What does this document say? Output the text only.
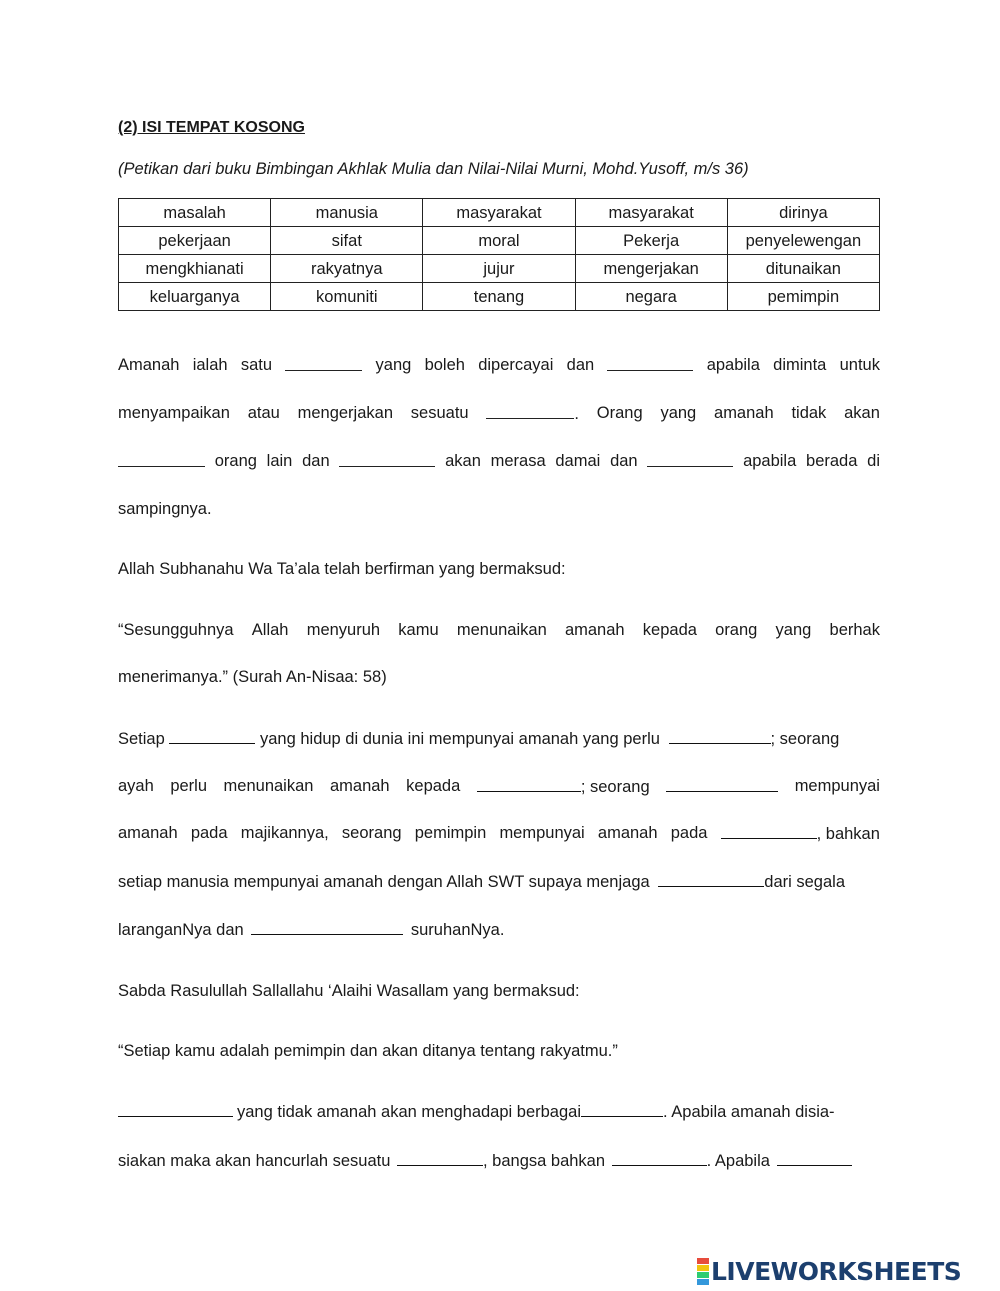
(2) ISI TEMPAT KOSONG
(Petikan dari buku Bimbingan Akhlak Mulia dan Nilai-Nilai Murni, Mohd.Yusoff, m/s 36)
masalah	manusia	masyarakat	masyarakat	dirinya
pekerjaan	sifat	moral	Pekerja	penyelewengan
mengkhianati	rakyatnya	jujur	mengerjakan	ditunaikan
keluarganya	komuniti	tenang	negara	pemimpin
Amanah ialah satu	yang boleh dipercayai dan	apabila diminta untuk
menyampaikan atau mengerjakan sesuatu	. Orang yang amanah tidak akan
orang lain dan	akan merasa damai dan	apabila berada di
sampingnya.
Allah Subhanahu Wa Ta’ala telah berfirman yang bermaksud:
“Sesungguhnya Allah menyuruh kamu menunaikan amanah kepada orang yang berhak
menerimanya.” (Surah An-Nisaa: 58)
Setiap	yang hidup di dunia ini mempunyai amanah yang perlu	; seorang
ayah perlu menunaikan amanah kepada	; seorang	mempunyai
amanah pada majikannya, seorang pemimpin mempunyai amanah pada	, bahkan
setiap manusia mempunyai amanah dengan Allah SWT supaya menjaga	dari segala
laranganNya dan	suruhanNya.
Sabda Rasulullah Sallallahu ‘Alaihi Wasallam yang bermaksud:
“Setiap kamu adalah pemimpin dan akan ditanya tentang rakyatmu.”
yang tidak amanah akan menghadapi berbagai	. Apabila amanah disia-
siakan maka akan hancurlah sesuatu	, bangsa bahkan	. Apabila
LIVEWORKSHEETS
